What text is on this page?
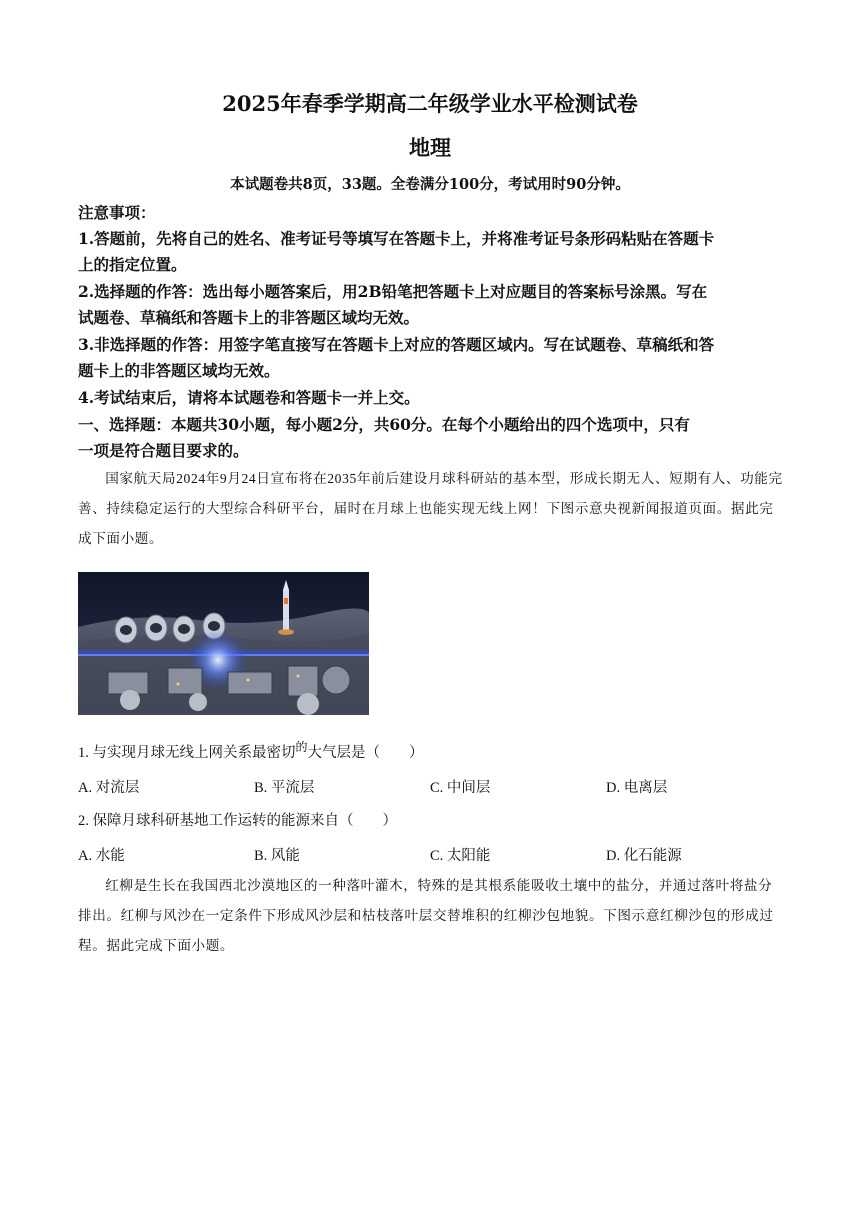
2025年春季学期高二年级学业水平检测试卷
地理
本试题卷共8页，33题。全卷满分100分，考试用时90分钟。
注意事项：
1.答题前，先将自己的姓名、准考证号等填写在答题卡上，并将准考证号条形码粘贴在答题卡
上的指定位置。
2.选择题的作答：选出每小题答案后，用2B铅笔把答题卡上对应题目的答案标号涂黑。写在
试题卷、草稿纸和答题卡上的非答题区域均无效。
3.非选择题的作答：用签字笔直接写在答题卡上对应的答题区域内。写在试题卷、草稿纸和答
题卡上的非答题区域均无效。
4.考试结束后，请将本试题卷和答题卡一并上交。
一、选择题：本题共30小题，每小题2分，共60分。在每个小题给出的四个选项中，只有
一项是符合题目要求的。
国家航天局2024年9月24日宣布将在2035年前后建设月球科研站的基本型，形成长期无人、短期有人、功能完善、持续稳定运行的大型综合科研平台，届时在月球上也能实现无线上网！下图示意央视新闻报道页面。据此完成下面小题。
1. 与实现月球无线上网关系最密切$^的$大气层是（　　）
A. 对流层	B. 平流层	C. 中间层	D. 电离层
2. 保障月球科研基地工作运转的能源来自（　　）
A. 水能	B. 风能	C. 太阳能	D. 化石能源
红柳是生长在我国西北沙漠地区的一种落叶灌木，特殊的是其根系能吸收土壤中的盐分，并通过落叶将盐分排出。红柳与风沙在一定条件下形成风沙层和枯枝落叶层交替堆积的红柳沙包地貌。下图示意红柳沙包的形成过程。据此完成下面小题。
